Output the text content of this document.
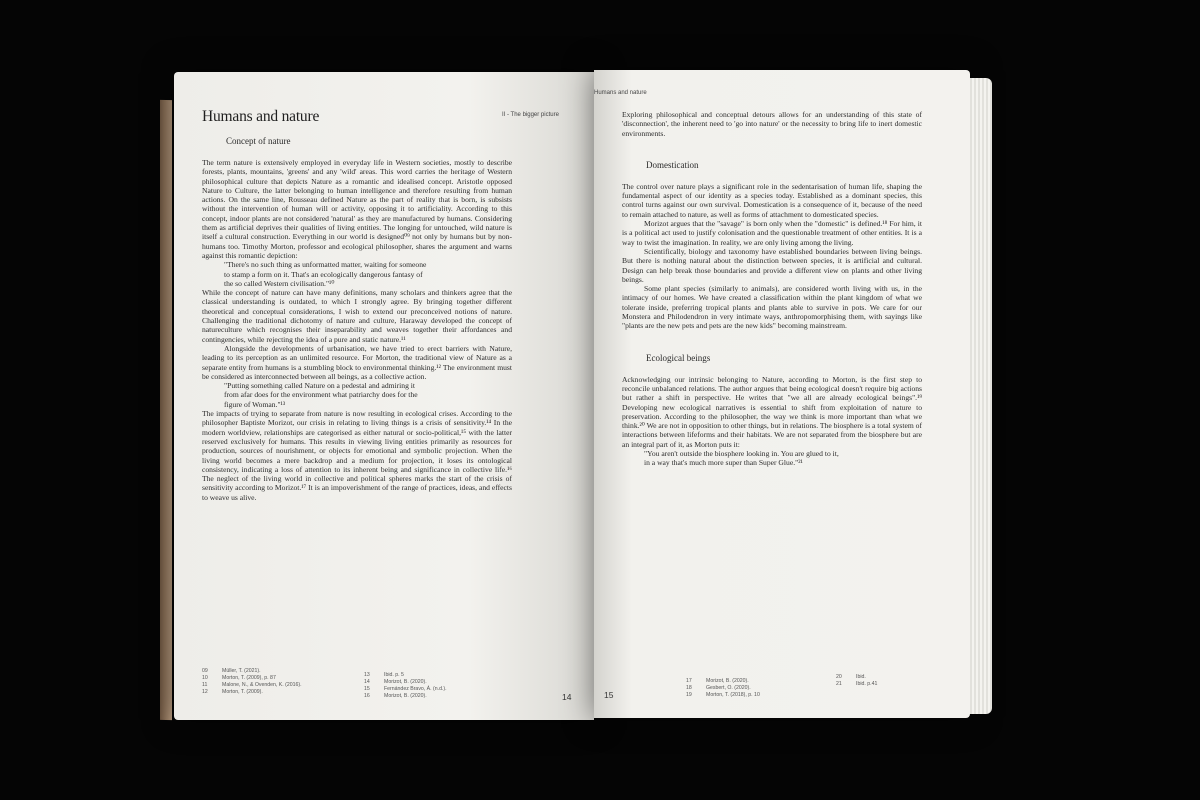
Humans and nature
Concept of nature

The term nature is extensively employed in everyday life in Western societies, mostly to describe forests, plants, mountains, 'greens' and any 'wild' areas. This word carries the heritage of Western philosophical culture that depicts Nature as a romantic and idealised concept. Aristotle opposed Nature to Culture, the latter belonging to human intelligence and therefore resulting from human actions. On the same line, Rousseau defined Nature as the part of reality that is born, is subsists without the intervention of human will or activity, opposing it to artificiality. According to this concept, indoor plants are not considered 'natural' as they are manufactured by humans. Considering them as artificial deprives their qualities of living entities. The longing for untouched, wild nature is itself a cultural construction. Everything in our world is designed⁰⁹ not only by humans but by non-humans too. Timothy Morton, professor and ecological philosopher, shares the argument and warns against this romantic depiction:

"There's no such thing as unformatted matter, waiting for someone

to stamp a form on it. That's an ecologically dangerous fantasy of

the so called Western civilisation."¹⁰

While the concept of nature can have many definitions, many scholars and thinkers agree that the classical understanding is outdated, to which I strongly agree. By bringing together different theoretical and conceptual considerations, I wish to extend our preconceived notions of nature. Challenging the traditional dichotomy of nature and culture, Haraway developed the concept of natureculture which recognises their inseparability and weaves together their affordances and contingencies, while rejecting the idea of a pure and static nature.¹¹

Alongside the developments of urbanisation, we have tried to erect barriers with Nature, leading to its perception as an unlimited resource. For Morton, the traditional view of Nature as a separate entity from humans is a stumbling block to environmental thinking.¹² The environment must be considered as interconnected between all beings, as a collective action.

"Putting something called Nature on a pedestal and admiring it

from afar does for the environment what patriarchy does for the

figure of Woman."¹³

The impacts of trying to separate from nature is now resulting in ecological crises. According to the philosopher Baptiste Morizot, our crisis in relating to living things is a crisis of sensitivity.¹⁴ In the modern worldview, relationships are categorised as either natural or socio-political,¹⁵ with the latter reserved exclusively for humans. This results in viewing living entities primarily as resources for production, sources of nourishment, or objects for emotional and symbolic projection. When the living world becomes a mere backdrop and a medium for projection, it loses its ontological consistency, indicating a loss of attention to its inherent being and significance in collective life.¹⁶ The neglect of the living world in collective and political spheres marks the start of the crisis of sensitivity according to Morizot.¹⁷ It is an impoverishment of the range of practices, ideas, and effects to weave us alive.

09	Müller, T. (2021).
10	Morton, T. (2009), p. 87
11	Malone, N., & Ovenden, K. (2016).
12	Morton, T. (2009).
13	Ibid. p. 5
14	Morizot, B. (2020).
15	Fernández Bravo, Á. (n.d.).
16	Morizot, B. (2020).	14
II - The bigger picture
Humans and nature

Exploring philosophical and conceptual detours allows for an understanding of this state of 'disconnection', the inherent need to 'go into nature' or the necessity to bring life to inert domestic environments.

Domestication

The control over nature plays a significant role in the sedentarisation of human life, shaping the fundamental aspect of our identity as a species today. Established as a dominant species, this control turns against our own survival. Domestication is a consequence of it, because of the need to remain attached to nature, as well as forms of attachment to domesticated species.

Morizot argues that the "savage" is born only when the "domestic" is defined.¹⁸ For him, it is a political act used to justify colonisation and the questionable treatment of other entities. It is a way to twist the imagination. In reality, we are only living among the living.

Scientifically, biology and taxonomy have established boundaries between living beings. But there is nothing natural about the distinction between species, it is artificial and cultural. Design can help break those boundaries and provide a different view on plants and other living beings.

Some plant species (similarly to animals), are considered worth living with us, in the intimacy of our homes. We have created a classification within the plant kingdom of what we tolerate inside, preferring tropical plants and plants able to survive in pots. We care for our Monstera and Philodendron in very intimate ways, anthropomorphising them, with sayings like "plants are the new pets and pets are the new kids" becoming mainstream.

Ecological beings

Acknowledging our intrinsic belonging to Nature, according to Morton, is the first step to reconcile unbalanced relations. The author argues that being ecological doesn't require big actions but rather a shift in perspective. He writes that "we all are already ecological beings".¹⁹ Developing new ecological narratives is essential to shift from exploitation of nature to preservation. According to the philosopher, the way we think is more important than what we think.²⁰ We are not in opposition to other things, but in relations. The biosphere is a total system of interactions between lifeforms and their habitats. We are not separated from the biosphere but are an integral part of it, as Morton puts it:

"You aren't outside the biosphere looking in. You are glued to it,

in a way that's much more super than Super Glue."²¹

15
17	Morizot, B. (2020).
18	Gesbert, O. (2020).
19	Morton, T. (2018), p. 10
20	Ibid.
21	Ibid. p.41
